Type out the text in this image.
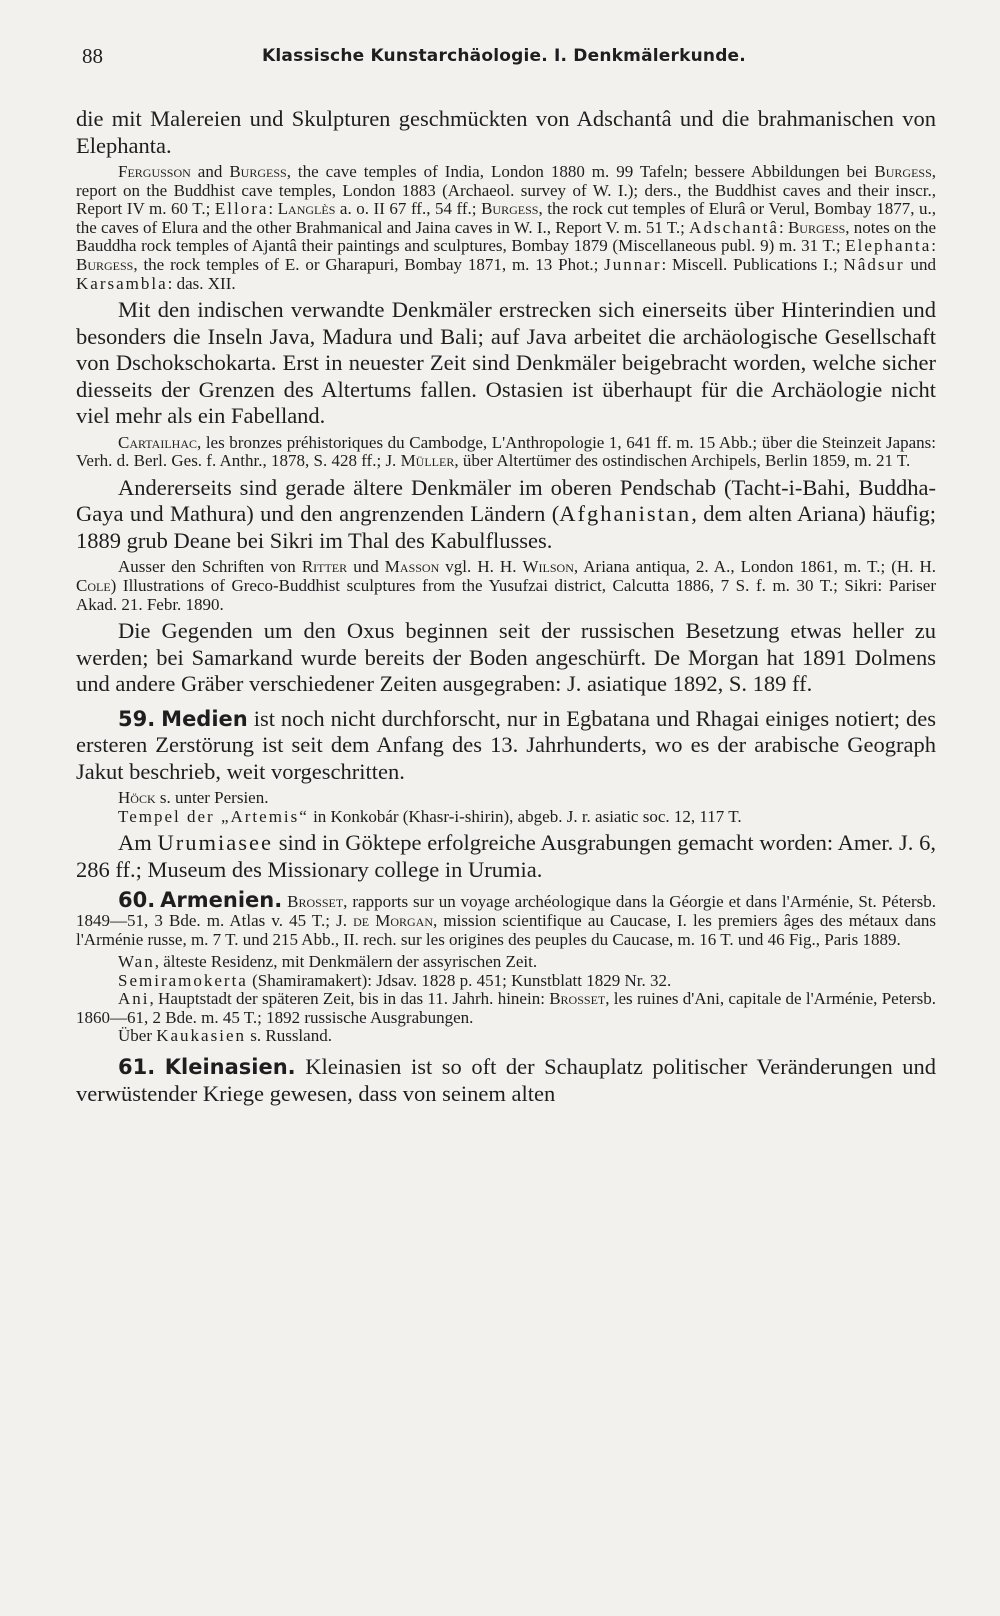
88	Klassische Kunstarchäologie. I. Denkmälerkunde.

die mit Malereien und Skulpturen geschmückten von Adschantâ und die brahmanischen von Elephanta.

Fergusson and Burgess, the cave temples of India, London 1880 m. 99 Tafeln; bessere Abbildungen bei Burgess, report on the Buddhist cave temples, London 1883 (Archaeol. survey of W. I.); ders., the Buddhist caves and their inscr., Report IV m. 60 T.; Ellora: Langlès a. o. II 67 ff., 54 ff.; Burgess, the rock cut temples of Elurâ or Verul, Bombay 1877, u., the caves of Elura and the other Brahmanical and Jaina caves in W. I., Report V. m. 51 T.; Adschantâ: Burgess, notes on the Bauddha rock temples of Ajantâ their paintings and sculptures, Bombay 1879 (Miscellaneous publ. 9) m. 31 T.; Elephanta: Burgess, the rock temples of E. or Gharapuri, Bombay 1871, m. 13 Phot.; Junnar: Miscell. Publications I.; Nâdsur und Karsambla: das. XII.

Mit den indischen verwandte Denkmäler erstrecken sich einerseits über Hinterindien und besonders die Inseln Java, Madura und Bali; auf Java arbeitet die archäologische Gesellschaft von Dschokschokarta. Erst in neuester Zeit sind Denkmäler beigebracht worden, welche sicher diesseits der Grenzen des Altertums fallen. Ostasien ist überhaupt für die Archäologie nicht viel mehr als ein Fabelland.

Cartailhac, les bronzes préhistoriques du Cambodge, L'Anthropologie 1, 641 ff. m. 15 Abb.; über die Steinzeit Japans: Verh. d. Berl. Ges. f. Anthr., 1878, S. 428 ff.; J. Müller, über Altertümer des ostindischen Archipels, Berlin 1859, m. 21 T.

Andererseits sind gerade ältere Denkmäler im oberen Pendschab (Tacht-i-Bahi, Buddha-Gaya und Mathura) und den angrenzenden Ländern (Afghanistan, dem alten Ariana) häufig; 1889 grub Deane bei Sikri im Thal des Kabulflusses.

Ausser den Schriften von Ritter und Masson vgl. H. H. Wilson, Ariana antiqua, 2. A., London 1861, m. T.; (H. H. Cole) Illustrations of Greco-Buddhist sculptures from the Yusufzai district, Calcutta 1886, 7 S. f. m. 30 T.; Sikri: Pariser Akad. 21. Febr. 1890.

Die Gegenden um den Oxus beginnen seit der russischen Besetzung etwas heller zu werden; bei Samarkand wurde bereits der Boden angeschürft. De Morgan hat 1891 Dolmens und andere Gräber verschiedener Zeiten ausgegraben: J. asiatique 1892, S. 189 ff.

59. Medien ist noch nicht durchforscht, nur in Egbatana und Rhagai einiges notiert; des ersteren Zerstörung ist seit dem Anfang des 13. Jahrhunderts, wo es der arabische Geograph Jakut beschrieb, weit vorgeschritten.

Höck s. unter Persien.

Tempel der „Artemis“ in Konkobár (Khasr-i-shirin), abgeb. J. r. asiatic soc. 12, 117 T.

Am Urumiasee sind in Göktepe erfolgreiche Ausgrabungen gemacht worden: Amer. J. 6, 286 ff.; Museum des Missionary college in Urumia.

60. Armenien. Brosset, rapports sur un voyage archéologique dans la Géorgie et dans l'Arménie, St. Pétersb. 1849—51, 3 Bde. m. Atlas v. 45 T.; J. de Morgan, mission scientifique au Caucase, I. les premiers âges des métaux dans l'Arménie russe, m. 7 T. und 215 Abb., II. rech. sur les origines des peuples du Caucase, m. 16 T. und 46 Fig., Paris 1889.

Wan, älteste Residenz, mit Denkmälern der assyrischen Zeit.

Semiramokerta (Shamiramakert): Jdsav. 1828 p. 451; Kunstblatt 1829 Nr. 32.

Ani, Hauptstadt der späteren Zeit, bis in das 11. Jahrh. hinein: Brosset, les ruines d'Ani, capitale de l'Arménie, Petersb. 1860—61, 2 Bde. m. 45 T.; 1892 russische Ausgrabungen.

Über Kaukasien s. Russland.

61. Kleinasien. Kleinasien ist so oft der Schauplatz politischer Veränderungen und verwüstender Kriege gewesen, dass von seinem alten
